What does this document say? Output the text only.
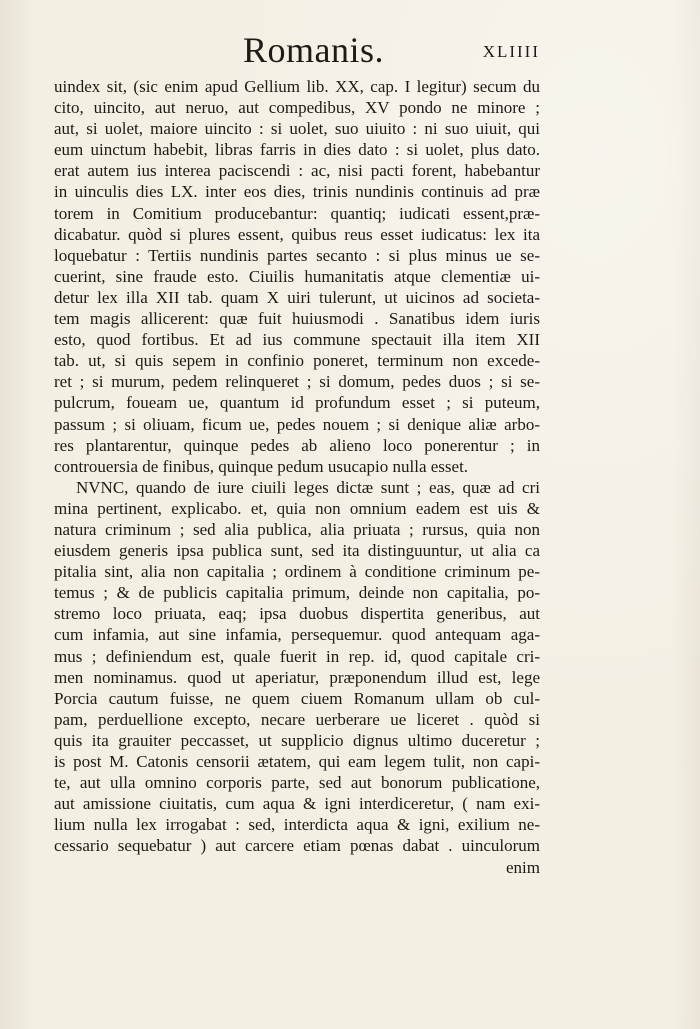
Romanis.	XLIIII
uindex sit, (sic enim apud Gellium lib. XX, cap. I legitur) secum du
cito, uincito, aut neruo, aut compedibus, XV pondo ne minore ;
aut, si uolet, maiore uincito : si uolet, suo uiuito : ni suo uiuit, qui
eum uinctum habebit, libras farris in dies dato : si uolet, plus dato.
erat autem ius interea paciscendi : ac, nisi pacti forent, habebantur
in uinculis dies LX. inter eos dies, trinis nundinis continuis ad præ
torem in Comitium producebantur: quantiq; iudicati essent,præ-
dicabatur. quòd si plures essent, quibus reus esset iudicatus: lex ita
loquebatur : Tertiis nundinis partes secanto : si plus minus ue se-
cuerint, sine fraude esto. Ciuilis humanitatis atque clementiæ ui-
detur lex illa XII tab. quam X uiri tulerunt, ut uicinos ad societa-
tem magis allicerent: quæ fuit huiusmodi . Sanatibus idem iuris
esto, quod fortibus. Et ad ius commune spectauit illa item XII
tab. ut, si quis sepem in confinio poneret, terminum non excede-
ret ; si murum, pedem relinqueret ; si domum, pedes duos ; si se-
pulcrum, foueam ue, quantum id profundum esset ; si puteum,
passum ; si oliuam, ficum ue, pedes nouem ; si denique aliæ arbo-
res plantarentur, quinque pedes ab alieno loco ponerentur ; in
controuersia de finibus, quinque pedum usucapio nulla esset.
NVNC, quando de iure ciuili leges dictæ sunt ; eas, quæ ad cri
mina pertinent, explicabo. et, quia non omnium eadem est uis &
natura criminum ; sed alia publica, alia priuata ; rursus, quia non
eiusdem generis ipsa publica sunt, sed ita distinguuntur, ut alia ca
pitalia sint, alia non capitalia ; ordinem à conditione criminum pe-
temus ; & de publicis capitalia primum, deinde non capitalia, po-
stremo loco priuata, eaq; ipsa duobus dispertita generibus, aut
cum infamia, aut sine infamia, persequemur. quod antequam aga-
mus ; definiendum est, quale fuerit in rep. id, quod capitale cri-
men nominamus. quod ut aperiatur, præponendum illud est, lege
Porcia cautum fuisse, ne quem ciuem Romanum ullam ob cul-
pam, perduellione excepto, necare uerberare ue liceret . quòd si
quis ita grauiter peccasset, ut supplicio dignus ultimo duceretur ;
is post M. Catonis censorii ætatem, qui eam legem tulit, non capi-
te, aut ulla omnino corporis parte, sed aut bonorum publicatione,
aut amissione ciuitatis, cum aqua & igni interdiceretur, ( nam exi-
lium nulla lex irrogabat : sed, interdicta aqua & igni, exilium ne-
cessario sequebatur ) aut carcere etiam pœnas dabat . uinculorum
enim
